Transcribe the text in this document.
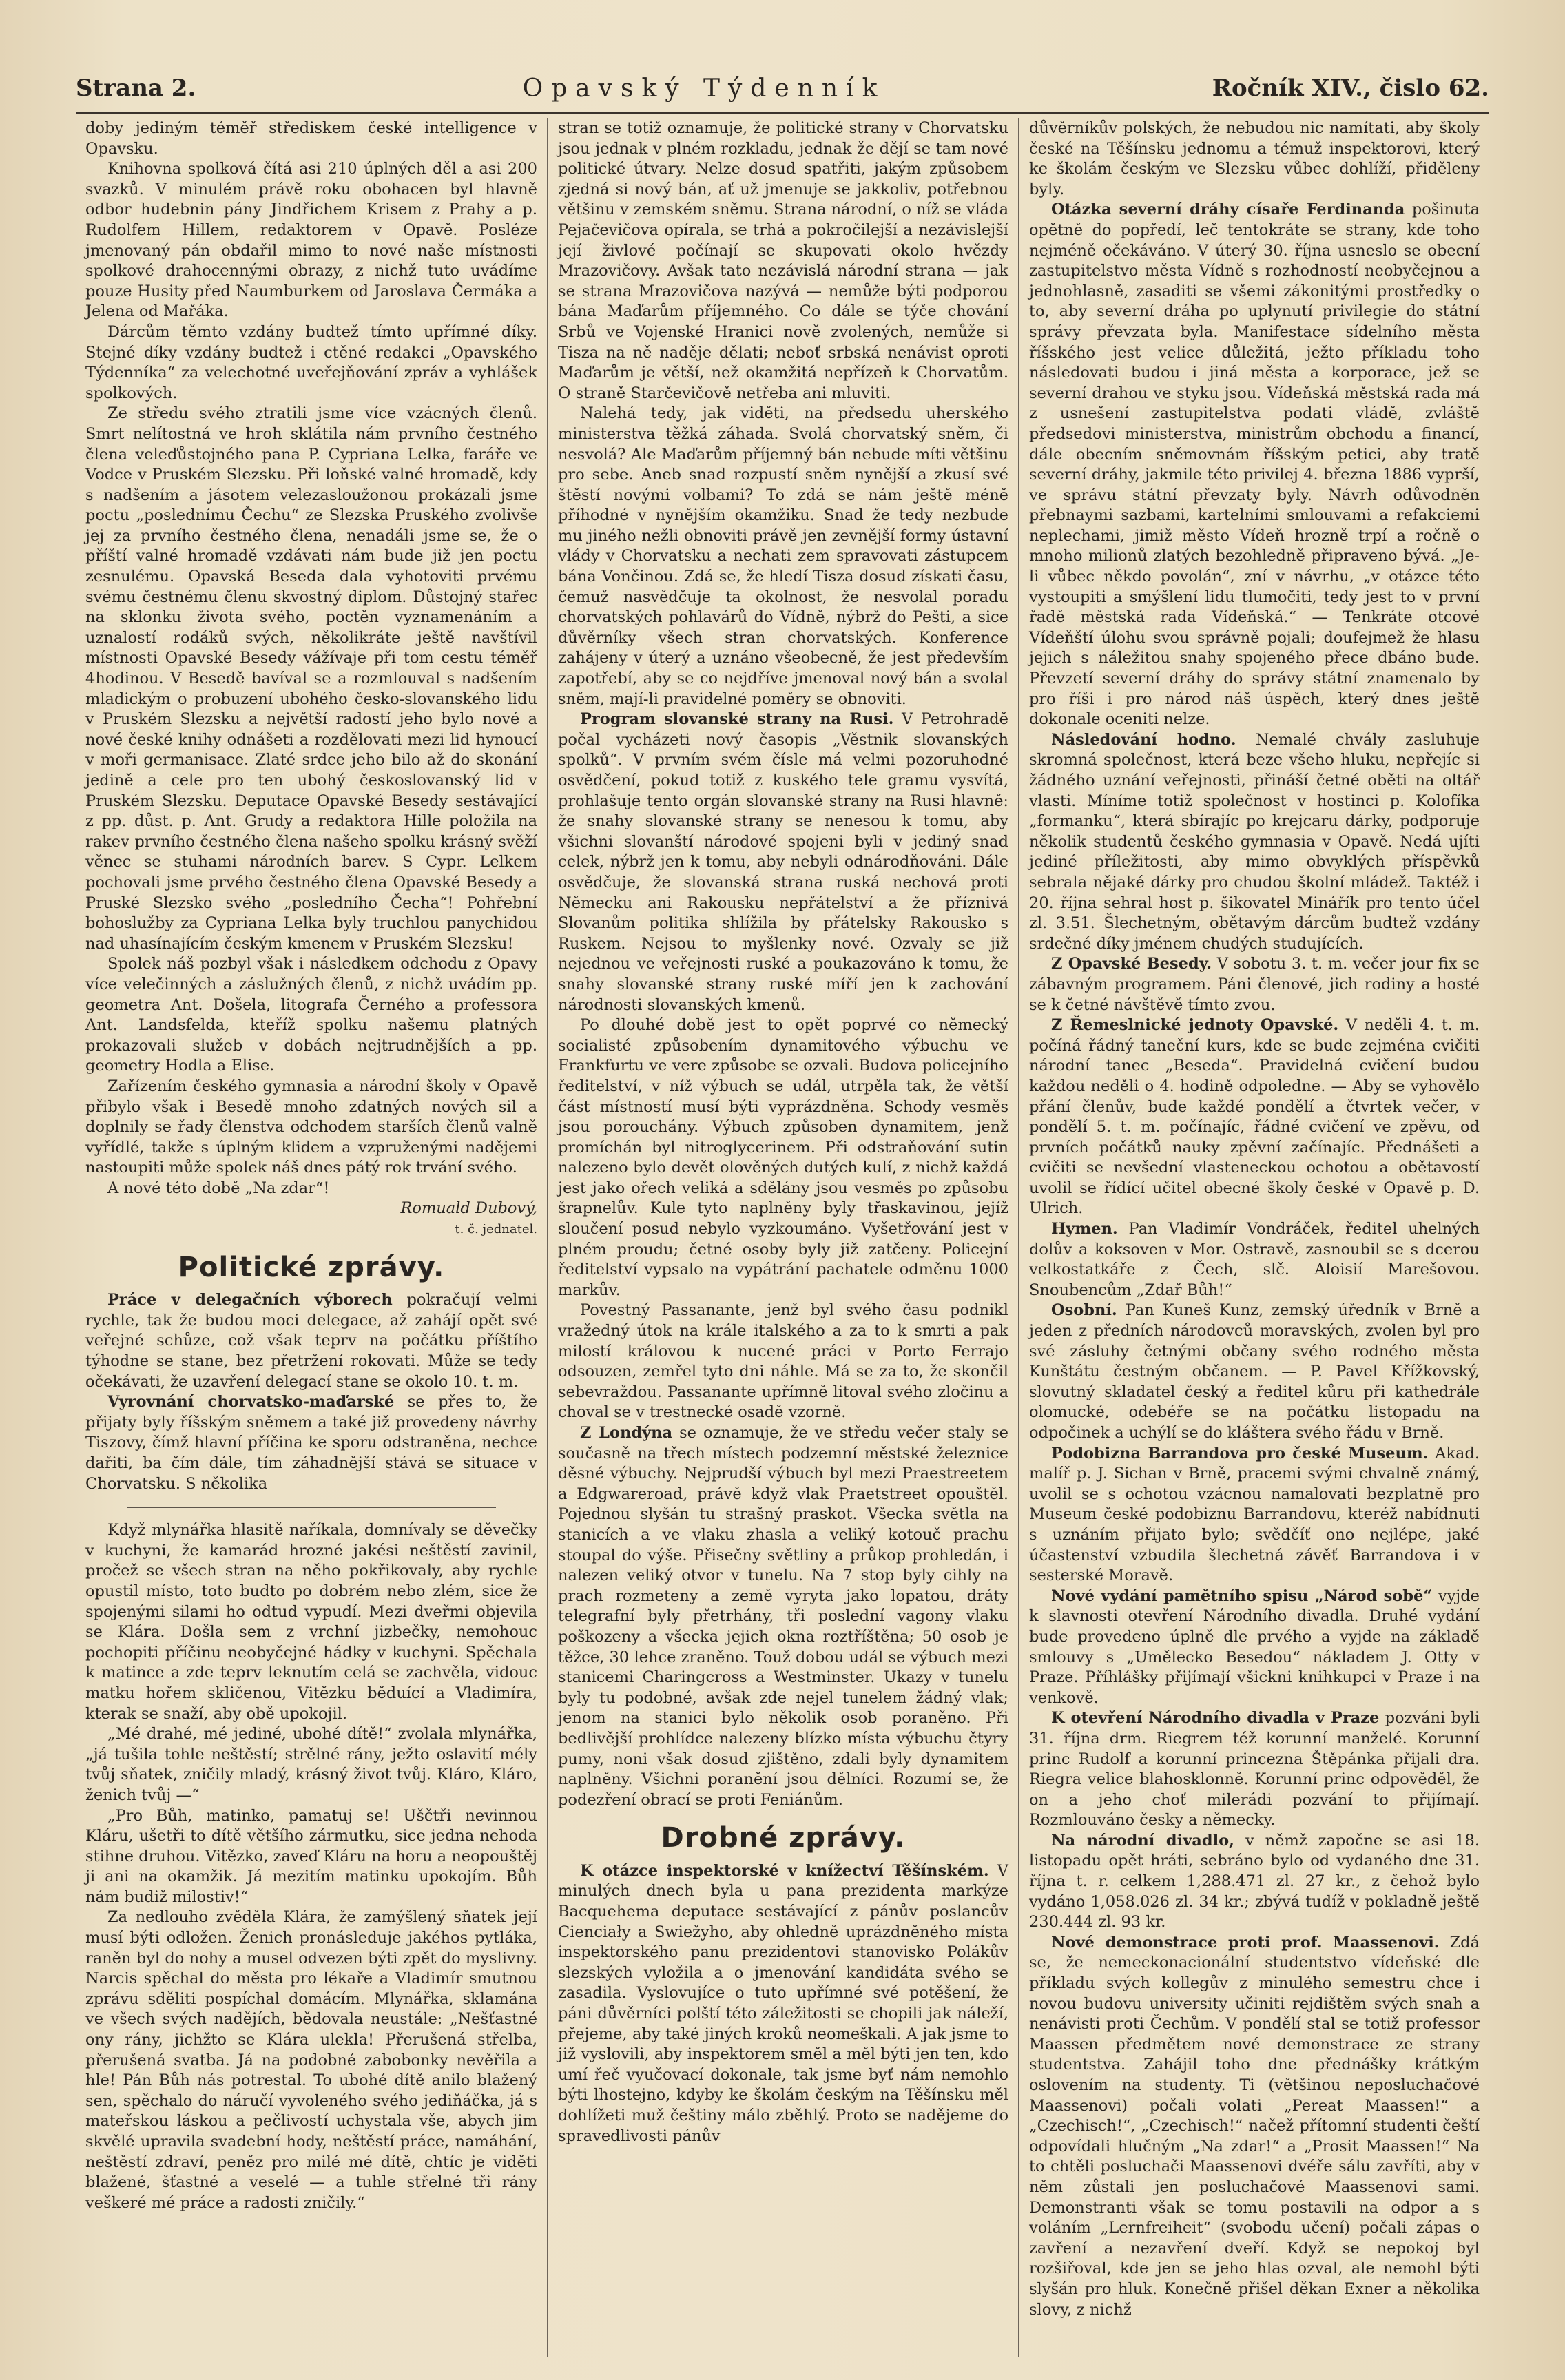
Strana 2.	Opavský Týdenník	Ročník XIV., čislo 62.

doby jediným téměř střediskem české intelligence v Opavsku.

Knihovna spolková čítá asi 210 úplných děl a asi 200 svazků. V minulém právě roku obohacen byl hlavně odbor hudebnin pány Jindřichem Krisem z Prahy a p. Rudolfem Hillem, redaktorem v Opavě. Posléze jmenovaný pán obdařil mimo to nové naše místnosti spolkové drahocennými obrazy, z nichž tuto uvádíme pouze Husity před Naumburkem od Jaroslava Čermáka a Jelena od Mařáka.

Dárcům těmto vzdány budtež tímto upřímné díky. Stejné díky vzdány budtež i ctěné redakci „Opavského Týdenníka“ za velechotné uveřejňování zpráv a vyhlášek spolkových.

Ze středu svého ztratili jsme více vzácných členů. Smrt nelítostná ve hroh sklátila nám prvního čestného člena veleďůstojného pana P. Cypriana Lelka, faráře ve Vodce v Pruském Slezsku. Při loňské valné hromadě, kdy s nadšením a jásotem velezasloužonou prokázali jsme poctu „poslednímu Čechu“ ze Slezska Pruského zvolivše jej za prvního čestného člena, nenadáli jsme se, že o příští valné hromadě vzdávati nám bude již jen poctu zesnulému. Opavská Beseda dala vyhotoviti prvému svému čestnému členu skvostný diplom. Důstojný stařec na sklonku života svého, poctěn vyznamenáním a uznalostí rodáků svých, několikráte ještě navštívil místnosti Opavské Besedy vážívaje při tom cestu téměř 4hodinou. V Besedě bavíval se a rozmlouval s nadšením mladickým o probuzení ubohého česko-slovanského lidu v Pruském Slezsku a největší radostí jeho bylo nové a nové české knihy odnášeti a rozdělovati mezi lid hynoucí v moři germanisace. Zlaté srdce jeho bilo až do skonání jedině a cele pro ten ubohý českoslovanský lid v Pruském Slezsku. Deputace Opavské Besedy sestávající z pp. důst. p. Ant. Grudy a redaktora Hille položila na rakev prvního čestného člena našeho spolku krásný svěží věnec se stuhami národních barev. S Cypr. Lelkem pochovali jsme prvého čestného člena Opavské Besedy a Pruské Slezsko svého „posledního Čecha“! Pohřební bohoslužby za Cypriana Lelka byly truchlou panychidou nad uhasínajícím českým kmenem v Pruském Slezsku!

Spolek náš pozbyl však i následkem odchodu z Opavy více velečinných a záslužných členů, z nichž uvádím pp. geometra Ant. Došela, litografa Černého a professora Ant. Landsfelda, kteříž spolku našemu platných prokazovali služeb v dobách nejtrudnějších a pp. geometry Hodla a Elise.

Zařízením českého gymnasia a národní školy v Opavě přibylo však i Besedě mnoho zdatných nových sil a doplnily se řady členstva odchodem starších členů valně vyřídlé, takže s úplným klidem a vzpruženými nadějemi nastoupiti může spolek náš dnes pátý rok trvání svého.

A nové této době „Na zdar“!

Romuald Dubový,

t. č. jednatel.

Politické zprávy.

Práce v delegačních výborech pokračují velmi rychle, tak že budou moci delegace, až zahájí opět své veřejné schůze, což však teprv na počátku příštího týhodne se stane, bez přetržení rokovati. Může se tedy očekávati, že uzavření delegací stane se okolo 10. t. m.

Vyrovnání chorvatsko-maďarské se přes to, že přijaty byly říšským sněmem a také již provedeny návrhy Tiszovy, čímž hlavní příčina ke sporu odstraněna, nechce dařiti, ba čím dále, tím záhadnější stává se situace v Chorvatsku. S několika

Když mlynářka hlasitě naříkala, domnívaly se děvečky v kuchyni, že kamarád hrozné jakési neštěstí zavinil, pročež se všech stran na něho pokřikovaly, aby rychle opustil místo, toto budto po dobrém nebo zlém, sice že spojenými silami ho odtud vypudí. Mezi dveřmi objevila se Klára. Došla sem z vrchní jizbečky, nemohouc pochopiti příčinu neobyčejné hádky v kuchyni. Spěchala k matince a zde teprv leknutím celá se zachvěla, vidouc matku hořem skličenou, Vitězku běduící a Vladimíra, kterak se snaží, aby obě upokojil.

„Mé drahé, mé jediné, ubohé dítě!“ zvolala mlynářka, „já tušila tohle neštěstí; strělné rány, ježto oslavití mély tvůj sňatek, zničily mladý, krásný život tvůj. Kláro, Kláro, ženich tvůj —“

„Pro Bůh, matinko, pamatuj se! Uščtři nevinnou Kláru, ušetři to dítě většího zármutku, sice jedna nehoda stihne druhou. Vitězko, zaveď Kláru na horu a neopouštěj ji ani na okamžik. Já mezitím matinku upokojím. Bůh nám budiž milostiv!“

Za nedlouho zvěděla Klára, že zamýšlený sňatek její musí býti odložen. Ženich pronásleduje jakéhos pytláka, raněn byl do nohy a musel odvezen býti zpět do myslivny. Narcis spěchal do města pro lékaře a Vladimír smutnou zprávu sděliti pospíchal domácím. Mlynářka, sklamána ve všech svých nadějích, bědovala neustále: „Nešťastné ony rány, jichžto se Klára ulekla! Přerušená střelba, přerušená svatba. Já na podobné zabobonky nevěřila a hle! Pán Bůh nás potrestal. To ubohé dítě anilo blažený sen, spěchalo do náručí vyvoleného svého jediňáčka, já s mateřskou láskou a pečlivostí uchystala vše, abych jim skvělé upravila svadební hody, neštěstí práce, namáhání, neštěstí zdraví, peněz pro milé mé dítě, chtíc je viděti blažené, šťastné a veselé — a tuhle střelné tři rány veškeré mé práce a radosti zničily.“

stran se totiž oznamuje, že politické strany v Chorvatsku jsou jednak v plném rozkladu, jednak že dějí se tam nové politické útvary. Nelze dosud spatřiti, jakým způsobem zjedná si nový bán, ať už jmenuje se jakkoliv, potřebnou většinu v zemském sněmu. Strana národní, o níž se vláda Pejačevičova opírala, se trhá a pokročilejší a nezávislejší její živlové počínají se skupovati okolo hvězdy Mrazovičovy. Avšak tato nezávislá národní strana — jak se strana Mrazovičova nazývá — nemůže býti podporou bána Maďarům příjemného. Co dále se týče chování Srbů ve Vojenské Hranici nově zvolených, nemůže si Tisza na ně naděje dělati; neboť srbská nenávist oproti Maďarům je větší, než okamžitá nepřízeň k Chorvatům. O straně Starčevičově netřeba ani mluviti.

Nalehá tedy, jak viděti, na předsedu uherského ministerstva těžká záhada. Svolá chorvatský sněm, či nesvolá? Ale Maďarům příjemný bán nebude míti většinu pro sebe. Aneb snad rozpustí sněm nynější a zkusí své štěstí novými volbami? To zdá se nám ještě méně příhodné v nynějším okamžiku. Snad že tedy nezbude mu jiného nežli obnoviti právě jen zevnější formy ústavní vlády v Chorvatsku a nechati zem spravovati zástupcem bána Vončinou. Zdá se, že hledí Tisza dosud získati času, čemuž nasvědčuje ta okolnost, že nesvolal poradu chorvatských pohlavárů do Vídně, nýbrž do Pešti, a sice důvěrníky všech stran chorvatských. Konference zahájeny v úterý a uznáno všeobecně, že jest především zapotřebí, aby se co nejdříve jmenoval nový bán a svolal sněm, mají-li pravidelné poměry se obnoviti.

Program slovanské strany na Rusi. V Petrohradě počal vycházeti nový časopis „Věstnik slovanských spolků“. V prvním svém čísle má velmi pozoruhodné osvědčení, pokud totiž z kuského tele gramu vysvítá, prohlašuje tento orgán slovanské strany na Rusi hlavně: že snahy slovanské strany se nenesou k tomu, aby všichni slovanští národové spojeni byli v jediný snad celek, nýbrž jen k tomu, aby nebyli odnárodňováni. Dále osvědčuje, že slovanská strana ruská nechová proti Německu ani Rakousku nepřátelství a že příznivá Slovanům politika shlížila by přátelsky Rakousko s Ruskem. Nejsou to myšlenky nové. Ozvaly se již nejednou ve veřejnosti ruské a poukazováno k tomu, že snahy slovanské strany ruské míří jen k zachování národnosti slovanských kmenů.

Po dlouhé době jest to opět poprvé co německý socialisté způsobením dynamitového výbuchu ve Frankfurtu ve vere způsobe se ozvali. Budova policejního ředitelství, v níž výbuch se udál, utrpěla tak, že větší část místností musí býti vyprázdněna. Schody vesměs jsou porouchány. Výbuch způsoben dynamitem, jenž promíchán byl nitroglycerinem. Při odstraňování sutin nalezeno bylo devět olověných dutých kulí, z nichž každá jest jako ořech veliká a sdělány jsou vesměs po způsobu šrapnelův. Kule tyto naplněny byly třaskavinou, jejíž sloučení posud nebylo vyzkoumáno. Vyšetřování jest v plném proudu; četné osoby byly již zatčeny. Policejní ředitelství vypsalo na vypátrání pachatele odměnu 1000 markův.

Povestný Passanante, jenž byl svého času podnikl vražedný útok na krále italského a za to k smrti a pak milostí královou k nucené práci v Porto Ferrajo odsouzen, zemřel tyto dni náhle. Má se za to, že skončil sebevraždou. Passanante upřímně litoval svého zločinu a choval se v trestnecké osadě vzorně.

Z Londýna se oznamuje, že ve středu večer staly se současně na třech místech podzemní městské železnice děsné výbuchy. Nejprudší výbuch byl mezi Praestreetem a Edgwareroad, právě když vlak Praetstreet opouštěl. Pojednou slyšán tu strašný praskot. Všecka světla na stanicích a ve vlaku zhasla a veliký kotouč prachu stoupal do výše. Přisečny světliny a průkop prohledán, i nalezen veliký otvor v tunelu. Na 7 stop byly cihly na prach rozmeteny a země vyryta jako lopatou, dráty telegrafní byly přetrhány, tři poslední vagony vlaku poškozeny a všecka jejich okna roztříštěna; 50 osob je těžce, 30 lehce zraněno. Touž dobou udál se výbuch mezi stanicemi Charingcross a Westminster. Ukazy v tunelu byly tu podobné, avšak zde nejel tunelem žádný vlak; jenom na stanici bylo několik osob poraněno. Při bedlivější prohlídce nalezeny blízko místa výbuchu čtyry pumy, noni však dosud zjištěno, zdali byly dynamitem naplněny. Všichni poranění jsou dělníci. Rozumí se, že podezření obrací se proti Feniánům.

Drobné zprávy.

K otázce inspektorské v knížectví Těšínském. V minulých dnech byla u pana prezidenta markýze Bacquehema deputace sestávající z pánův poslancův Cienciały a Swiežyho, aby ohledně uprázdněného místa inspektorského panu prezidentovi stanovisko Polákův slezských vyložila a o jmenování kandidáta svého se zasadila. Vyslovujíce o tuto upřímné své potěšení, že páni důvěrníci polští této záležitosti se chopili jak náleží, přejeme, aby také jiných kroků neomeškali. A jak jsme to již vyslovili, aby inspektorem směl a měl býti jen ten, kdo umí řeč vyučovací dokonale, tak jsme byť nám nemohlo býti lhostejno, kdyby ke školám českým na Těšínsku měl dohlížeti muž češtiny málo zběhlý. Proto se nadějeme do spravedlivosti pánův

důvěrníkův polských, že nebudou nic namítati, aby školy české na Těšínsku jednomu a témuž inspektorovi, který ke školám českým ve Slezsku vůbec dohlíží, přiděleny byly.

Otázka severní dráhy císaře Ferdinanda pošinuta opětně do popředí, leč tentokráte se strany, kde toho nejméně očekáváno. V úterý 30. října usneslo se obecní zastupitelstvo města Vídně s rozhodností neobyčejnou a jednohlasně, zasaditi se všemi zákonitými prostředky o to, aby severní dráha po uplynutí privilegie do státní správy převzata byla. Manifestace sídelního města říšského jest velice důležitá, ježto příkladu toho následovati budou i jiná města a korporace, jež se severní drahou ve styku jsou. Vídeňská městská rada má z usnešení zastupitelstva podati vládě, zvláště předsedovi ministerstva, ministrům obchodu a financí, dále obecním sněmovnám říšským petici, aby tratě severní dráhy, jakmile této privilej 4. března 1886 vyprší, ve správu státní převzaty byly. Návrh odůvodněn přebnaymi sazbami, kartelními smlouvami a refakciemi neplechami, jimiž město Vídeň hrozně trpí a ročně o mnoho milionů zlatých bezohledně připraveno bývá. „Je-li vůbec někdo povolán“, zní v návrhu, „v otázce této vystoupiti a smýšlení lidu tlumočiti, tedy jest to v první řadě městská rada Vídeňská.“ — Tenkráte otcové Vídeňští úlohu svou správně pojali; doufejmež že hlasu jejich s náležitou snahy spojeného přece dbáno bude. Převzetí severní dráhy do správy státní znamenalo by pro říši i pro národ náš úspěch, který dnes ještě dokonale oceniti nelze.

Následování hodno. Nemalé chvály zasluhuje skromná společnost, která beze všeho hluku, nepřejíc si žádného uznání veřejnosti, přináší četné oběti na oltář vlasti. Míníme totiž společnost v hostinci p. Kolofíka „formanku“, která sbírajíc po krejcaru dárky, podporuje několik studentů českého gymnasia v Opavě. Nedá ujíti jediné příležitosti, aby mimo obvyklých příspěvků sebrala nějaké dárky pro chudou školní mládež. Taktéž i 20. října sehral host p. šikovatel Minářík pro tento účel zl. 3.51. Šlechetným, obětavým dárcům budtež vzdány srdečné díky jménem chudých studujících.

Z Opavské Besedy. V sobotu 3. t. m. večer jour fix se zábavným programem. Páni členové, jich rodiny a hosté se k četné návštěvě tímto zvou.

Z Řemeslnické jednoty Opavské. V neděli 4. t. m. počíná řádný taneční kurs, kde se bude zejména cvičiti národní tanec „Beseda“. Pravidelná cvičení budou každou neděli o 4. hodině odpoledne. — Aby se vyhovělo přání členův, bude každé pondělí a čtvrtek večer, v pondělí 5. t. m. počínajíc, řádné cvičení ve zpěvu, od prvních počátků nauky zpěvní začínajíc. Přednášeti a cvičiti se nevšední vlasteneckou ochotou a obětavostí uvolil se řídící učitel obecné školy české v Opavě p. D. Ulrich.

Hymen. Pan Vladimír Vondráček, ředitel uhelných dolův a koksoven v Mor. Ostravě, zasnoubil se s dcerou velkostatkáře z Čech, slč. Aloisií Marešovou. Snoubencům „Zdař Bůh!“

Osobní. Pan Kuneš Kunz, zemský úředník v Brně a jeden z předních národovců moravských, zvolen byl pro své zásluhy četnými občany svého rodného města Kunštátu čestným občanem. — P. Pavel Křížkovský, slovutný skladatel český a ředitel kůru při kathedrále olomucké, odebéře se na počátku listopadu na odpočinek a uchýlí se do kláštera svého řádu v Brně.

Podobizna Barrandova pro české Museum. Akad. malíř p. J. Sichan v Brně, pracemi svými chvalně známý, uvolil se s ochotou vzácnou namalovati bezplatně pro Museum české podobiznu Barrandovu, kteréž nabídnuti s uznáním přijato bylo; svědčíť ono nejlépe, jaké účastenství vzbudila šlechetná závěť Barrandova i v sesterské Moravě.

Nové vydání pamětního spisu „Národ sobě“ vyjde k slavnosti otevření Národního divadla. Druhé vydání bude provedeno úplně dle prvého a vyjde na základě smlouvy s „Umělecko Besedou“ nákladem J. Otty v Praze. Příhlášky přijímají všickni knihkupci v Praze i na venkově.

K otevření Národního divadla v Praze pozváni byli 31. října drm. Riegrem též korunní manželé. Korunní princ Rudolf a korunní princezna Štěpánka přijali dra. Riegra velice blahosklonně. Korunní princ odpověděl, že on a jeho choť milerádi pozvání to přijímají. Rozmlouváno česky a německy.

Na národní divadlo, v němž započne se asi 18. listopadu opět hráti, sebráno bylo od vydaného dne 31. října t. r. celkem 1,288.471 zl. 27 kr., z čehož bylo vydáno 1,058.026 zl. 34 kr.; zbývá tudíž v pokladně ještě 230.444 zl. 93 kr.

Nové demonstrace proti prof. Maassenovi. Zdá se, že nemeckonacionální studentstvo vídeňské dle příkladu svých kollegův z minulého semestru chce i novou budovu university učiniti rejdištěm svých snah a nenávisti proti Čechům. V pondělí stal se totiž professor Maassen předmětem nové demonstrace ze strany studentstva. Zahájil toho dne přednášky krátkým oslovením na studenty. Ti (většinou neposluchačové Maassenovi) počali volati „Pereat Maassen!“ a „Czechisch!“, „Czechisch!“ načež přítomní studenti čeští odpovídali hlučným „Na zdar!“ a „Prosit Maassen!“ Na to chtěli posluchači Maassenovi dvéře sálu zavříti, aby v něm zůstali jen posluchačové Maassenovi sami. Demonstranti však se tomu postavili na odpor a s voláním „Lernfreiheit“ (svobodu učení) počali zápas o zavření a nezavření dveří. Když se nepokoj byl rozšiřoval, kde jen se jeho hlas ozval, ale nemohl býti slyšán pro hluk. Konečně přišel děkan Exner a několika slovy, z nichž
